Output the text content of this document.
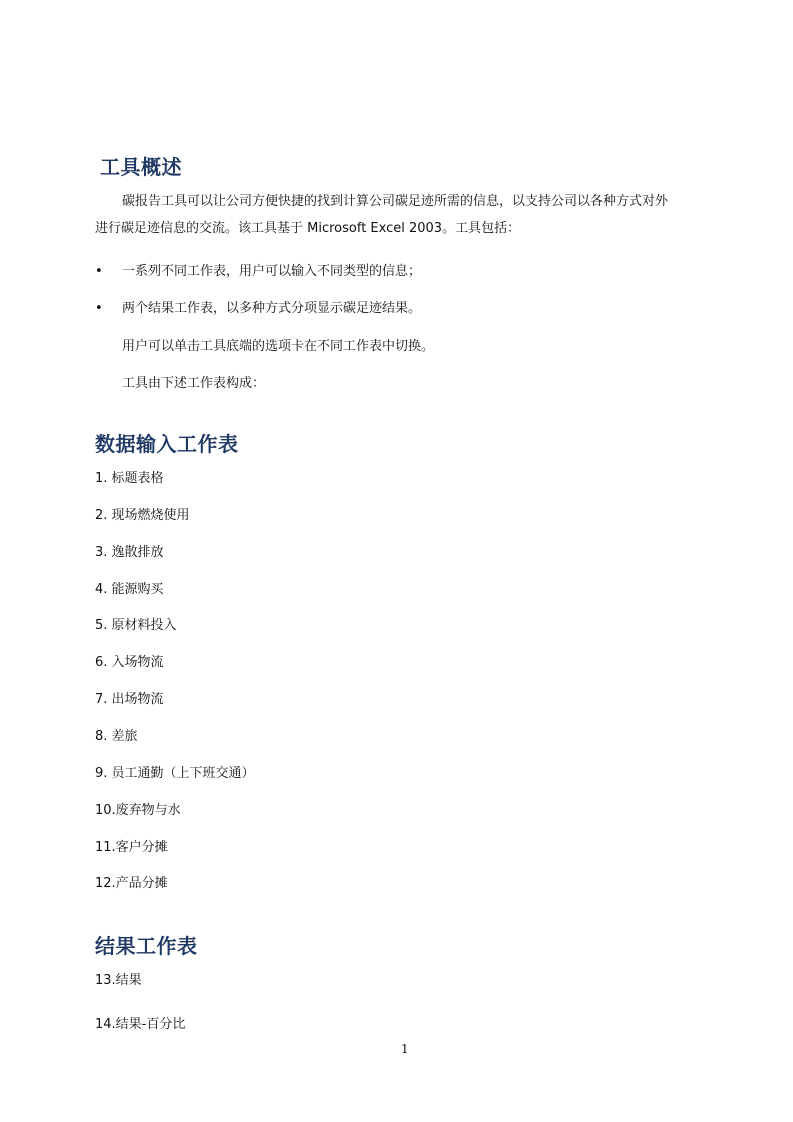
工具概述
碳报告工具可以让公司方便快捷的找到计算公司碳足迹所需的信息，以支持公司以各种方式对外
进行碳足迹信息的交流。该工具基于 Microsoft Excel 2003。工具包括：
• 一系列不同工作表，用户可以输入不同类型的信息；
• 两个结果工作表，以多种方式分项显示碳足迹结果。
用户可以单击工具底端的选项卡在不同工作表中切换。
工具由下述工作表构成：
数据输入工作表
1. 标题表格
2. 现场燃烧使用
3. 逸散排放
4. 能源购买
5. 原材料投入
6. 入场物流
7. 出场物流
8. 差旅
9. 员工通勤（上下班交通）
10.废弃物与水
11.客户分摊
12.产品分摊
结果工作表
13.结果
14.结果-百分比
1
